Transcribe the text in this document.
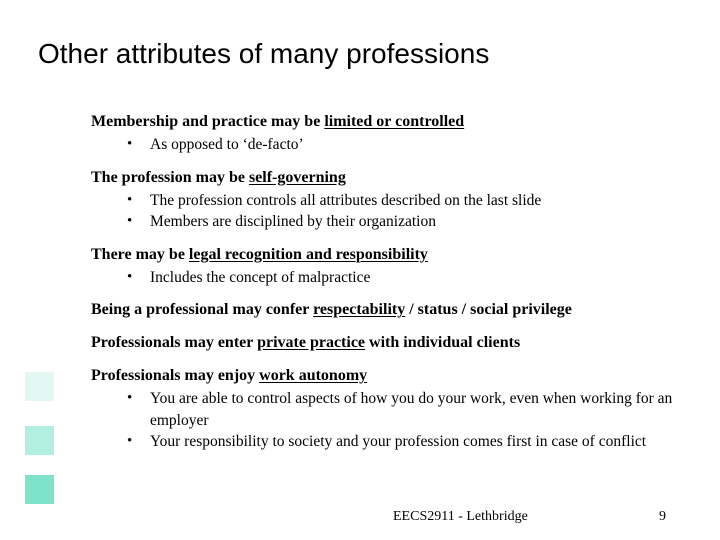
Other attributes of many professions
Membership and practice may be limited or controlled
• As opposed to ‘de-facto’
The profession may be self-governing
• The profession controls all attributes described on the last slide
• Members are disciplined by their organization
There may be legal recognition and responsibility
• Includes the concept of malpractice
Being a professional may confer respectability / status / social privilege
Professionals may enter private practice with individual clients
Professionals may enjoy work autonomy
• You are able to control aspects of how you do your work, even when working for an employer
• Your responsibility to society and your profession comes first in case of conflict
EECS2911 - Lethbridge	9
